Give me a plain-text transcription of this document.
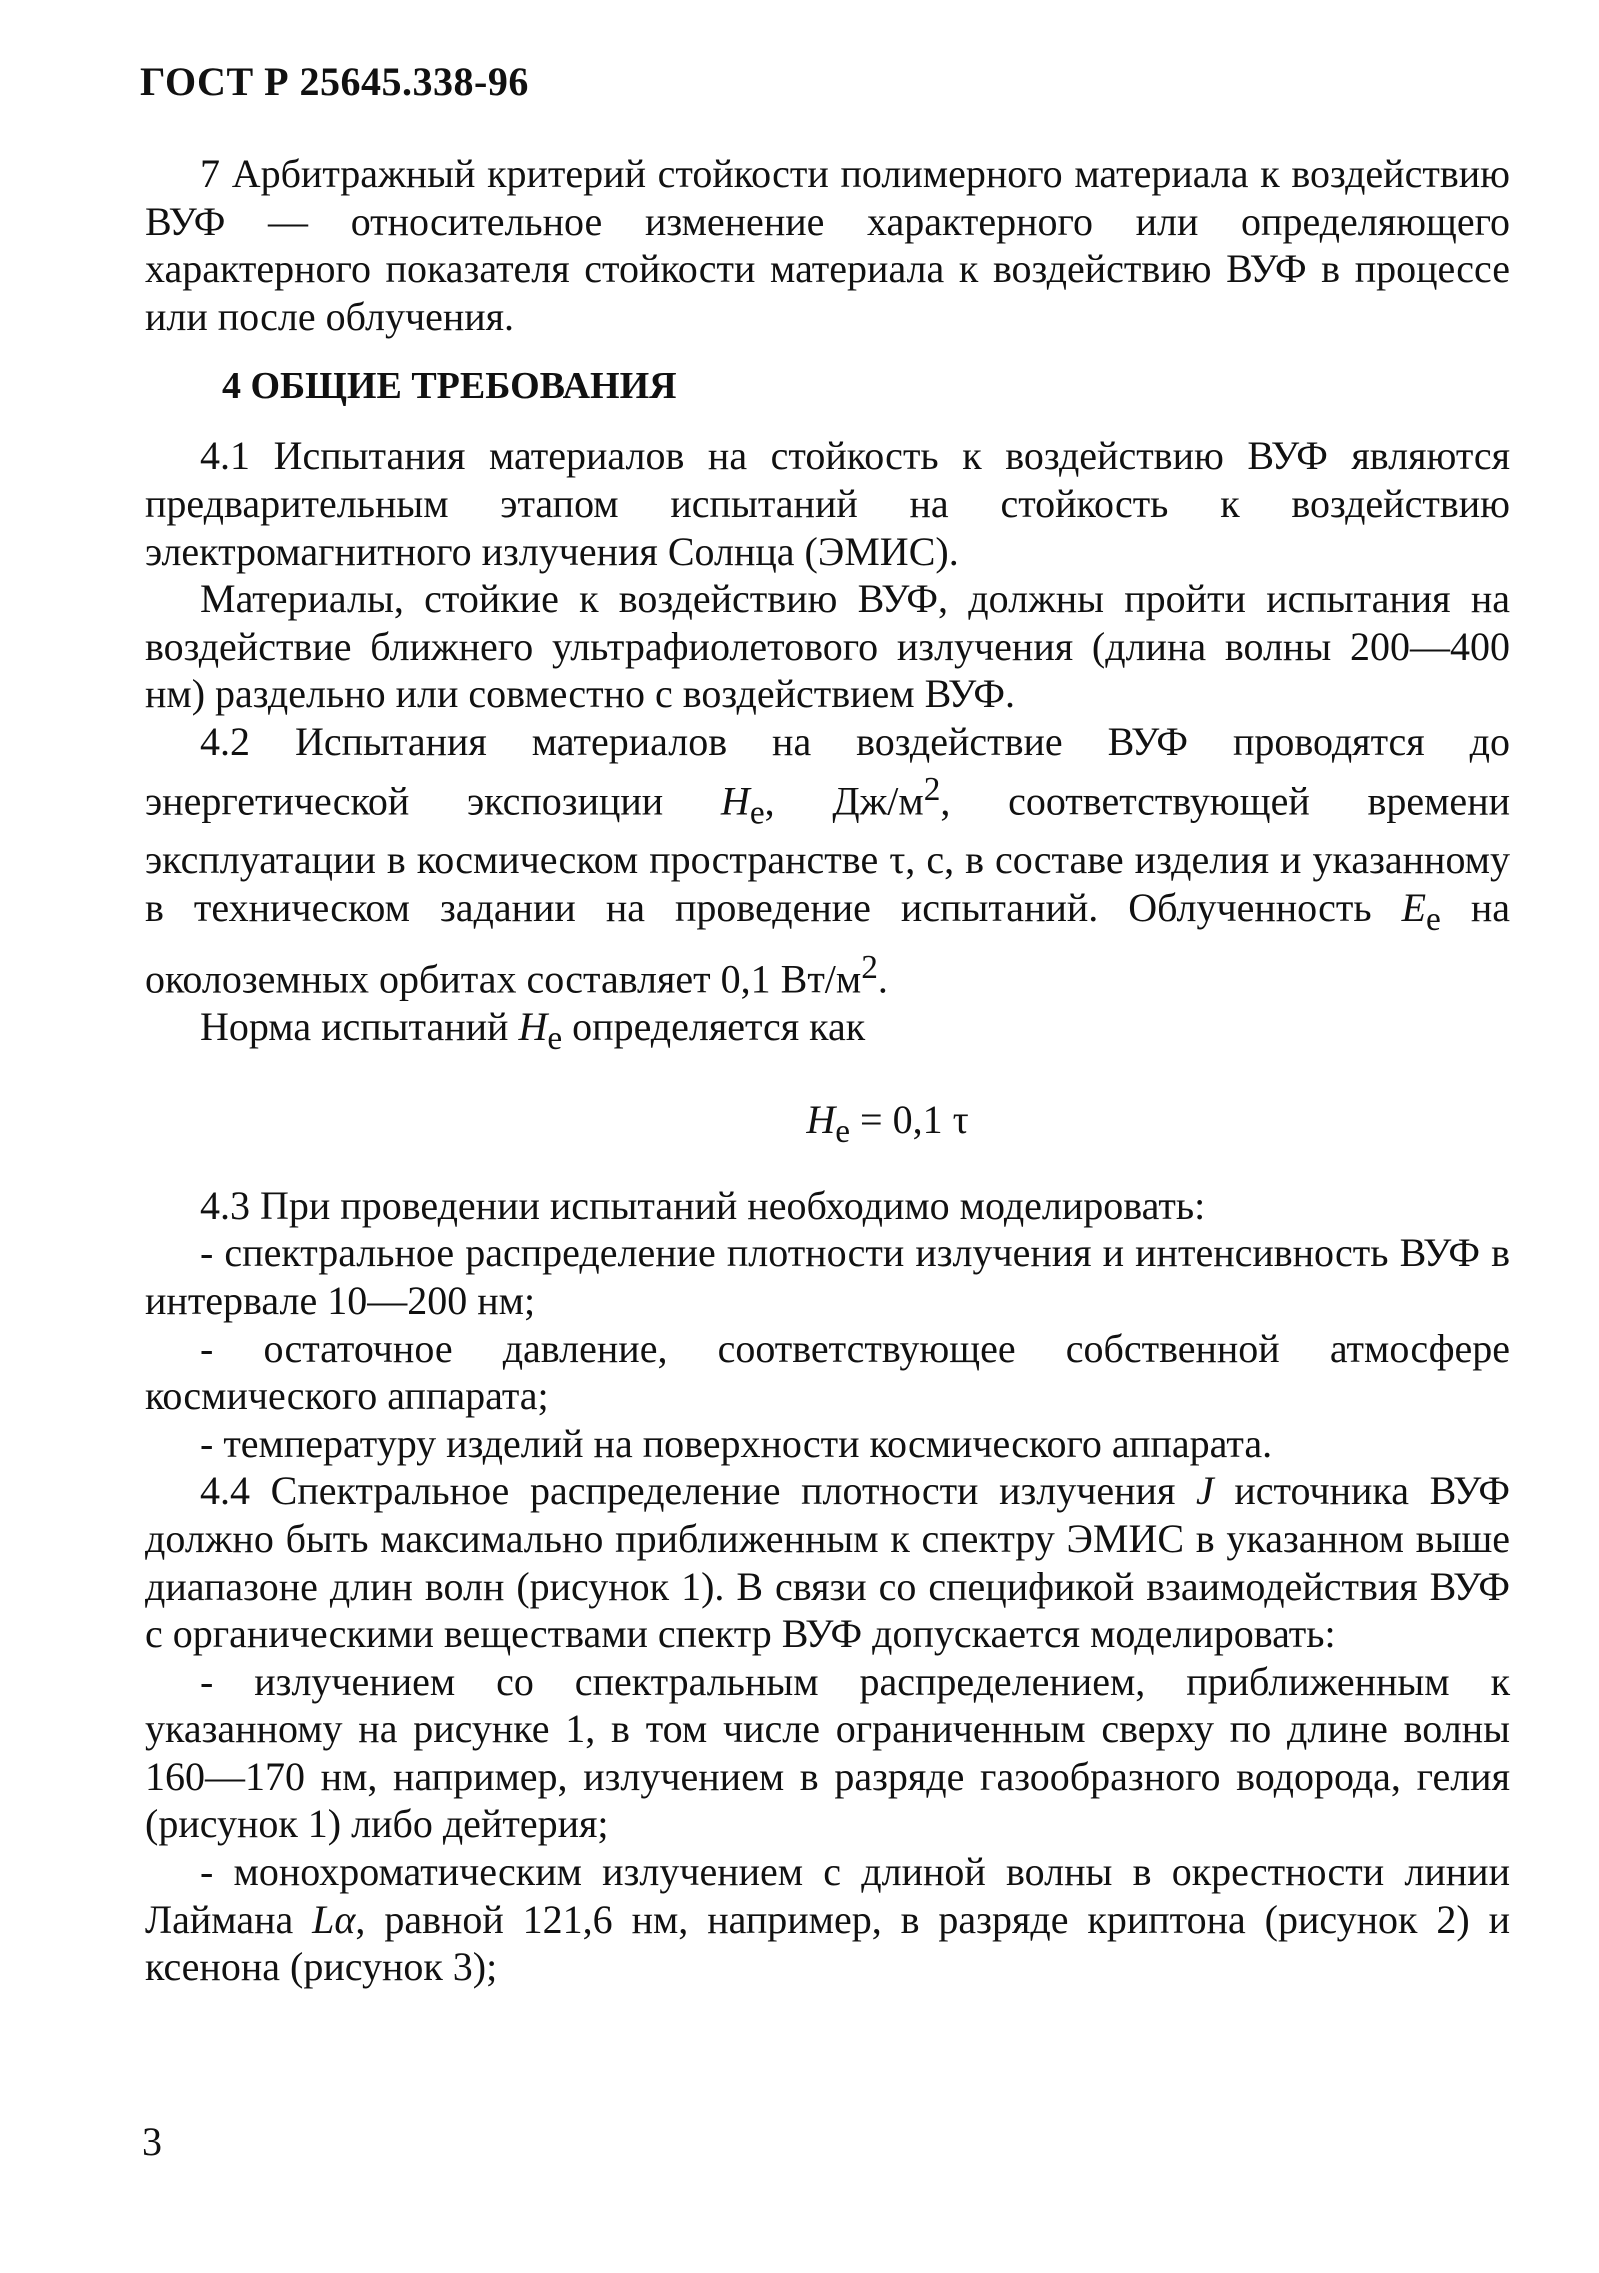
ГОСТ Р 25645.338-96

7 Арбитражный критерий стойкости полимерного материала к воздействию ВУФ — относительное изменение характерного или определяющего характерного показателя стойкости материала к воздействию ВУФ в процессе или после облучения.

4 ОБЩИЕ ТРЕБОВАНИЯ

4.1 Испытания материалов на стойкость к воздействию ВУФ являются предварительным этапом испытаний на стойкость к воздействию электромагнитного излучения Солнца (ЭМИС).

Материалы, стойкие к воздействию ВУФ, должны пройти испытания на воздействие ближнего ультрафиолетового излучения (длина волны 200—400 нм) раздельно или совместно с воздействием ВУФ.

4.2 Испытания материалов на воздействие ВУФ проводятся до энергетической экспозиции $H_e$, $Дж/м^2$, соответствующей времени эксплуатации в космическом пространстве τ, с, в составе изделия и указанному в техническом задании на проведение испытаний. Облученность $E_e$ на околоземных орбитах составляет 0,1 $Вт/м^2$.

Норма испытаний $H_e$ определяется как

$H_e = 0,1$ τ

4.3 При проведении испытаний необходимо моделировать:

- спектральное распределение плотности излучения и интенсивность ВУФ в интервале 10—200 нм;

- остаточное давление, соответствующее собственной атмосфере космического аппарата;

- температуру изделий на поверхности космического аппарата.

4.4 Спектральное распределение плотности излучения J источника ВУФ должно быть максимально приближенным к спектру ЭМИС в указанном выше диапазоне длин волн (рисунок 1). В связи со спецификой взаимодействия ВУФ с органическими веществами спектр ВУФ допускается моделировать:

- излучением со спектральным распределением, приближенным к указанному на рисунке 1, в том числе ограниченным сверху по длине волны 160—170 нм, например, излучением в разряде газообразного водорода, гелия (рисунок 1) либо дейтерия;

- монохроматическим излучением с длиной волны в окрестности линии Лаймана Lα, равной 121,6 нм, например, в разряде криптона (рисунок 2) и ксенона (рисунок 3);

3
